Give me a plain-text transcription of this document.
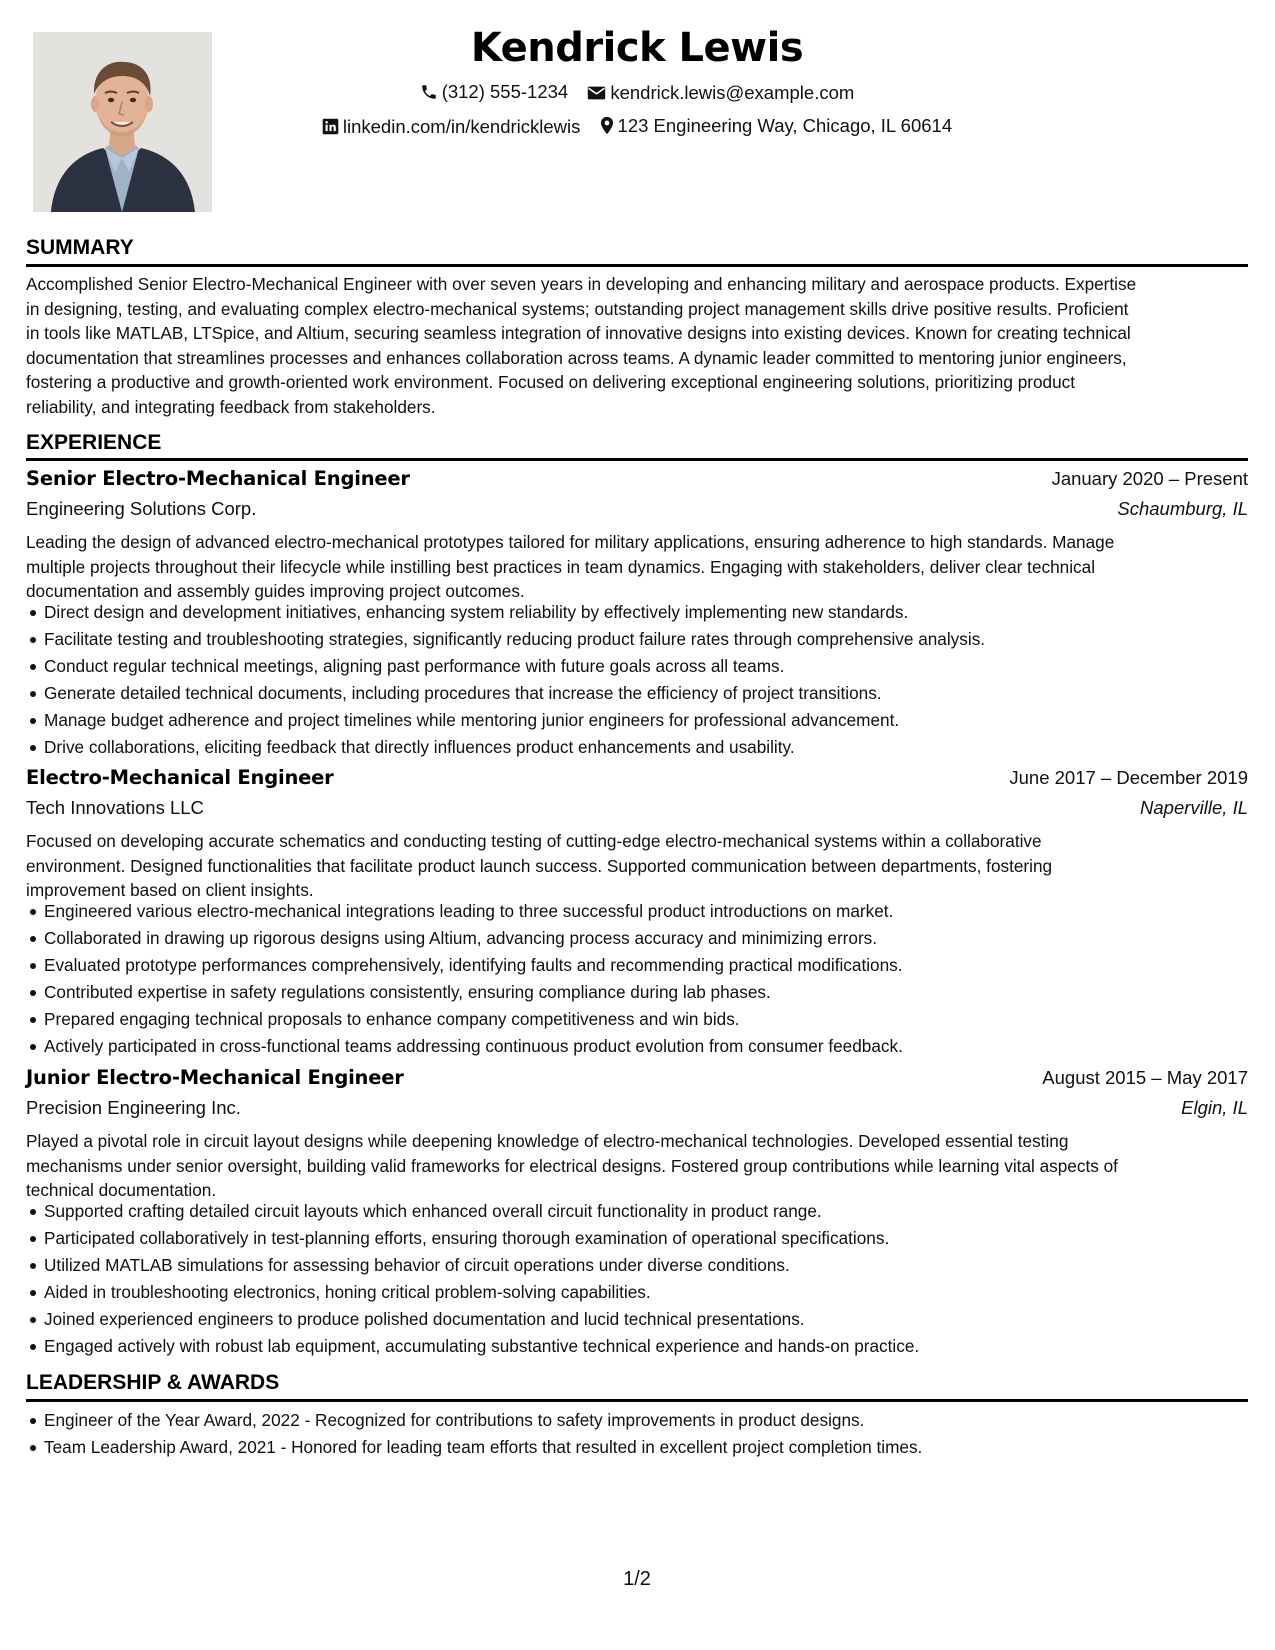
Kendrick Lewis
(312) 555-1234
kendrick.lewis@example.com
linkedin.com/in/kendricklewis
123 Engineering Way, Chicago, IL 60614
SUMMARY
Accomplished Senior Electro-Mechanical Engineer with over seven years in developing and enhancing military and aerospace products. Expertise
in designing, testing, and evaluating complex electro-mechanical systems; outstanding project management skills drive positive results. Proficient
in tools like MATLAB, LTSpice, and Altium, securing seamless integration of innovative designs into existing devices. Known for creating technical
documentation that streamlines processes and enhances collaboration across teams. A dynamic leader committed to mentoring junior engineers,
fostering a productive and growth-oriented work environment. Focused on delivering exceptional engineering solutions, prioritizing product
reliability, and integrating feedback from stakeholders.
EXPERIENCE
Senior Electro-Mechanical Engineer	January 2020 – Present
Engineering Solutions Corp.	Schaumburg, IL
Leading the design of advanced electro-mechanical prototypes tailored for military applications, ensuring adherence to high standards. Manage
multiple projects throughout their lifecycle while instilling best practices in team dynamics. Engaging with stakeholders, deliver clear technical
documentation and assembly guides improving project outcomes.
Direct design and development initiatives, enhancing system reliability by effectively implementing new standards.
Facilitate testing and troubleshooting strategies, significantly reducing product failure rates through comprehensive analysis.
Conduct regular technical meetings, aligning past performance with future goals across all teams.
Generate detailed technical documents, including procedures that increase the efficiency of project transitions.
Manage budget adherence and project timelines while mentoring junior engineers for professional advancement.
Drive collaborations, eliciting feedback that directly influences product enhancements and usability.
Electro-Mechanical Engineer	June 2017 – December 2019
Tech Innovations LLC	Naperville, IL
Focused on developing accurate schematics and conducting testing of cutting-edge electro-mechanical systems within a collaborative
environment. Designed functionalities that facilitate product launch success. Supported communication between departments, fostering
improvement based on client insights.
Engineered various electro-mechanical integrations leading to three successful product introductions on market.
Collaborated in drawing up rigorous designs using Altium, advancing process accuracy and minimizing errors.
Evaluated prototype performances comprehensively, identifying faults and recommending practical modifications.
Contributed expertise in safety regulations consistently, ensuring compliance during lab phases.
Prepared engaging technical proposals to enhance company competitiveness and win bids.
Actively participated in cross-functional teams addressing continuous product evolution from consumer feedback.
Junior Electro-Mechanical Engineer	August 2015 – May 2017
Precision Engineering Inc.	Elgin, IL
Played a pivotal role in circuit layout designs while deepening knowledge of electro-mechanical technologies. Developed essential testing
mechanisms under senior oversight, building valid frameworks for electrical designs. Fostered group contributions while learning vital aspects of
technical documentation.
Supported crafting detailed circuit layouts which enhanced overall circuit functionality in product range.
Participated collaboratively in test-planning efforts, ensuring thorough examination of operational specifications.
Utilized MATLAB simulations for assessing behavior of circuit operations under diverse conditions.
Aided in troubleshooting electronics, honing critical problem-solving capabilities.
Joined experienced engineers to produce polished documentation and lucid technical presentations.
Engaged actively with robust lab equipment, accumulating substantive technical experience and hands-on practice.
LEADERSHIP & AWARDS
Engineer of the Year Award, 2022 - Recognized for contributions to safety improvements in product designs.
Team Leadership Award, 2021 - Honored for leading team efforts that resulted in excellent project completion times.
1/2
